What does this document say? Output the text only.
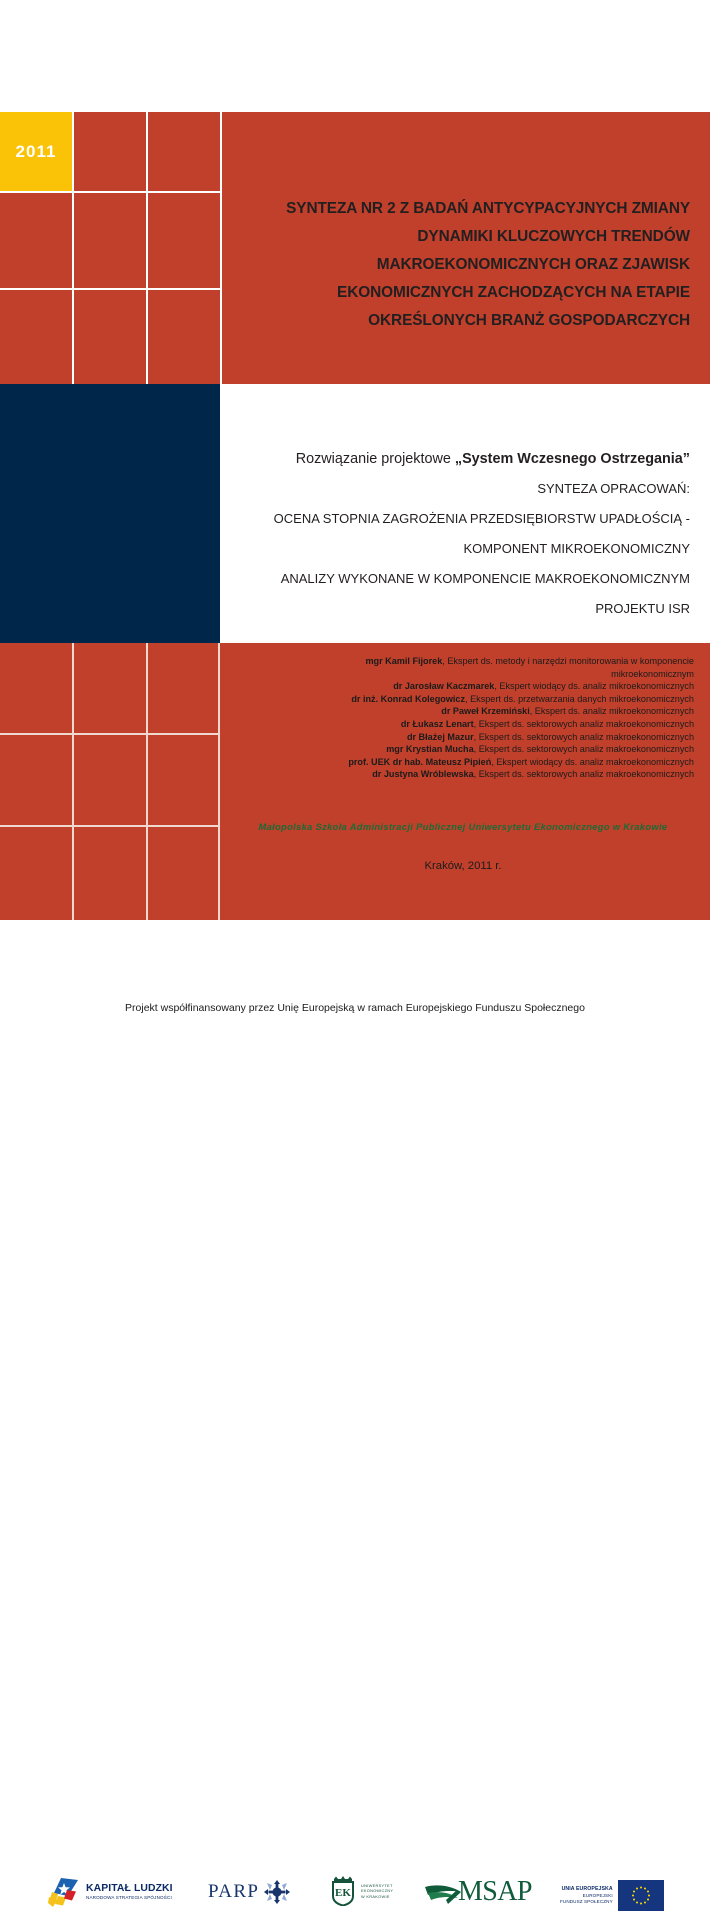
2011
SYNTEZA NR 2 Z BADAŃ ANTYCYPACYJNYCH ZMIANY
DYNAMIKI KLUCZOWYCH TRENDÓW
MAKROEKONOMICZNYCH ORAZ ZJAWISK
EKONOMICZNYCH ZACHODZĄCYCH NA ETAPIE
OKREŚLONYCH BRANŻ GOSPODARCZYCH
Rozwiązanie projektowe „System Wczesnego Ostrzegania”
SYNTEZA OPRACOWAŃ:
OCENA STOPNIA ZAGROŻENIA PRZEDSIĘBIORSTW UPADŁOŚCIĄ -
KOMPONENT MIKROEKONOMICZNY
ANALIZY WYKONANE W KOMPONENCIE MAKROEKONOMICZNYM
PROJEKTU ISR
mgr Kamil Fijorek, Ekspert ds. metody i narzędzi monitorowania w komponencie
mikroekonomicznym
dr Jarosław Kaczmarek, Ekspert wiodący ds. analiz mikroekonomicznych
dr inż. Konrad Kolegowicz, Ekspert ds. przetwarzania danych mikroekonomicznych
dr Paweł Krzemiński, Ekspert ds. analiz mikroekonomicznych
dr Łukasz Lenart, Ekspert ds. sektorowych analiz makroekonomicznych
dr Błażej Mazur, Ekspert ds. sektorowych analiz makroekonomicznych
mgr Krystian Mucha, Ekspert ds. sektorowych analiz makroekonomicznych
prof. UEK dr hab. Mateusz Pipień, Ekspert wiodący ds. analiz makroekonomicznych
dr Justyna Wróblewska, Ekspert ds. sektorowych analiz makroekonomicznych
Małopolska Szkoła Administracji Publicznej Uniwersytetu Ekonomicznego w Krakowie
Kraków, 2011 r.
KAPITAŁ LUDZKI
NARODOWA STRATEGIA SPÓJNOŚCI PARP	EK
UNIWERSYTET
EKONOMICZNY
W KRAKOWIE MSAP	UNIA EUROPEJSKA
EUROPEJSKI
FUNDUSZ SPOŁECZNY
Projekt współfinansowany przez Unię Europejską w ramach Europejskiego Funduszu Społecznego
